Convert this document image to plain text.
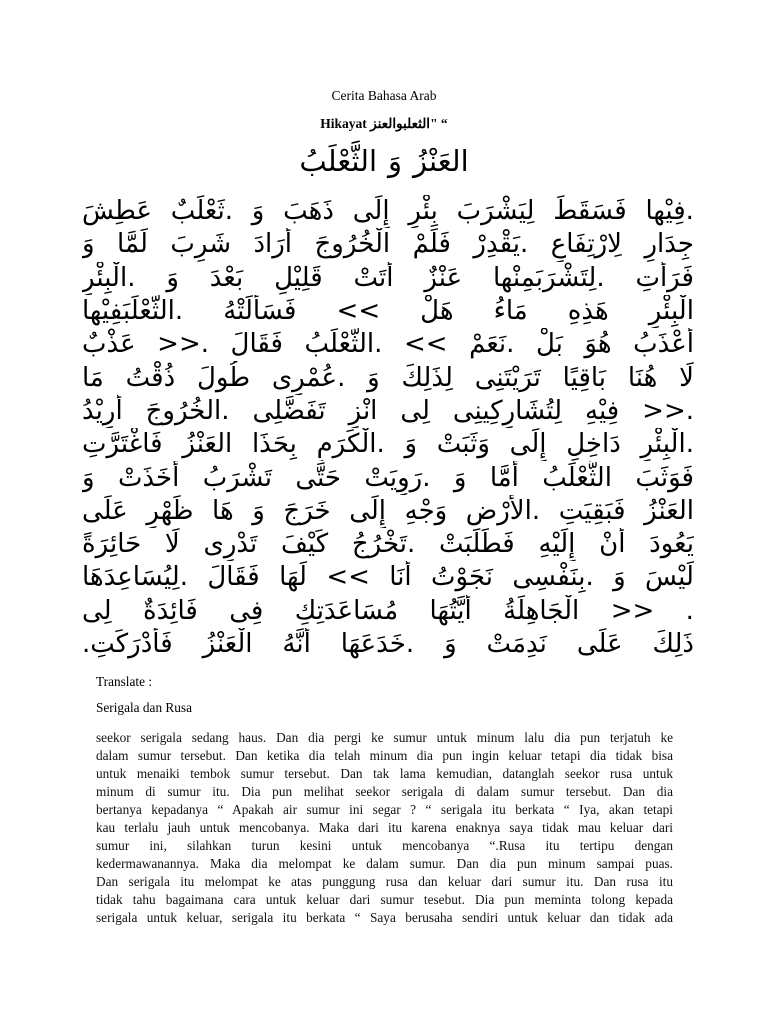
Cerita Bahasa Arab
Hikayat الثعلبوالعنز" “
الثَّعْلَبُ وَ العَنْزُ
عَطِشَ ثَعْلَبٌ. وَ ذَهَبَ إِلَى بِئْرٍ لِيَشْرَبَ فَسَقَطَ فِيْها.
وَ لَمَّا شَرِبَ أَرَادَ الْخُرُوجَ فَلَمْ يَقْدِرْ. لِارْتِفَاعِ جِدَارِ
الْبِئْرِ. وَ بَعْدَ قَلِيْلٍ أَتَتْ عَنْزٌ لِتَشْرَبَمِنْها. فَرَأَتِ
الثَّعْلَبَفِيْها. فَسَأَلَتْهُ << هَلْ مَاءُ هَذِهِ الْبِئْرِ
عَذْبٌ >>. فَقَالَ الثَّعْلَبُ. << نَعَمْ. بَلْ هُوَ أَعْذَبُ
مَا ذُقْتُ طُولَ عُمْرِى. وَ لِذَلِكَ تَرَيْتَنِى بَاقِيًا هُنَا لَا
أُرِيْدُ الخُرُوجَ. تَفَضَّلِى انْزِ لِى لِتُشَارِكِينِى فِيْهِ >>.
فَاغْتَرَّتِ العَنْزُ بِحَذَا الْكَرَمِ. وَ وَثَبَتْ إِلَى دَاخِلِ الْبِئْرِ.
وَ أَخَذَتْ تَشْرَبُ حَتَّى رَوِيَتْ. وَ أَمَّا الثَّعْلَبُ فَوَثَبَ
عَلَى ظَهْرِ هَا وَ خَرَجَ إِلَى وَجْهِ الأَرْضِ. فَبَقِيَتِ العَنْزُ
حَائِرَةً لَا تَدْرِى كَيْفَ تَخْرُجُ. فَطَلَبَتْ إِلَيْهِ أَنْ يَعُودَ
لِيُسَاعِدَهَا. فَقَالَ لَهَا << أَنَا نَجَوْتُ بِنَفْسِى. وَ لَيْسَ
لِى فَائِدَةٌ فِى مُسَاعَدَتِكِ أَيَّتُهَا الْجَاهِلَةُ >> .
.فَأَدْرَكَتِ الْعَنْزُ أَنَّهُ خَدَعَهَا. وَ نَدِمَتْ عَلَى ذَلِكَ
Translate :
Serigala dan Rusa
seekor serigala sedang haus. Dan dia pergi ke sumur untuk minum lalu dia pun terjatuh ke
dalam sumur tersebut. Dan ketika dia telah minum dia pun ingin keluar tetapi dia tidak bisa
untuk menaiki tembok sumur tersebut. Dan tak lama kemudian, datanglah seekor rusa untuk
minum di sumur itu. Dia pun melihat seekor serigala di dalam sumur tersebut. Dan dia
bertanya kepadanya “ Apakah air sumur ini segar ? “ serigala itu berkata “ Iya, akan tetapi
kau terlalu jauh untuk mencobanya. Maka dari itu karena enaknya saya tidak mau keluar dari
sumur ini, silahkan turun kesini untuk mencobanya “.Rusa itu tertipu dengan
kedermawanannya. Maka dia melompat ke dalam sumur. Dan dia pun minum sampai puas.
Dan serigala itu melompat ke atas punggung rusa dan keluar dari sumur itu. Dan rusa itu
tidak tahu bagaimana cara untuk keluar dari sumur tesebut. Dia pun meminta tolong kepada
serigala untuk keluar, serigala itu berkata “ Saya berusaha sendiri untuk keluar dan tidak ada
